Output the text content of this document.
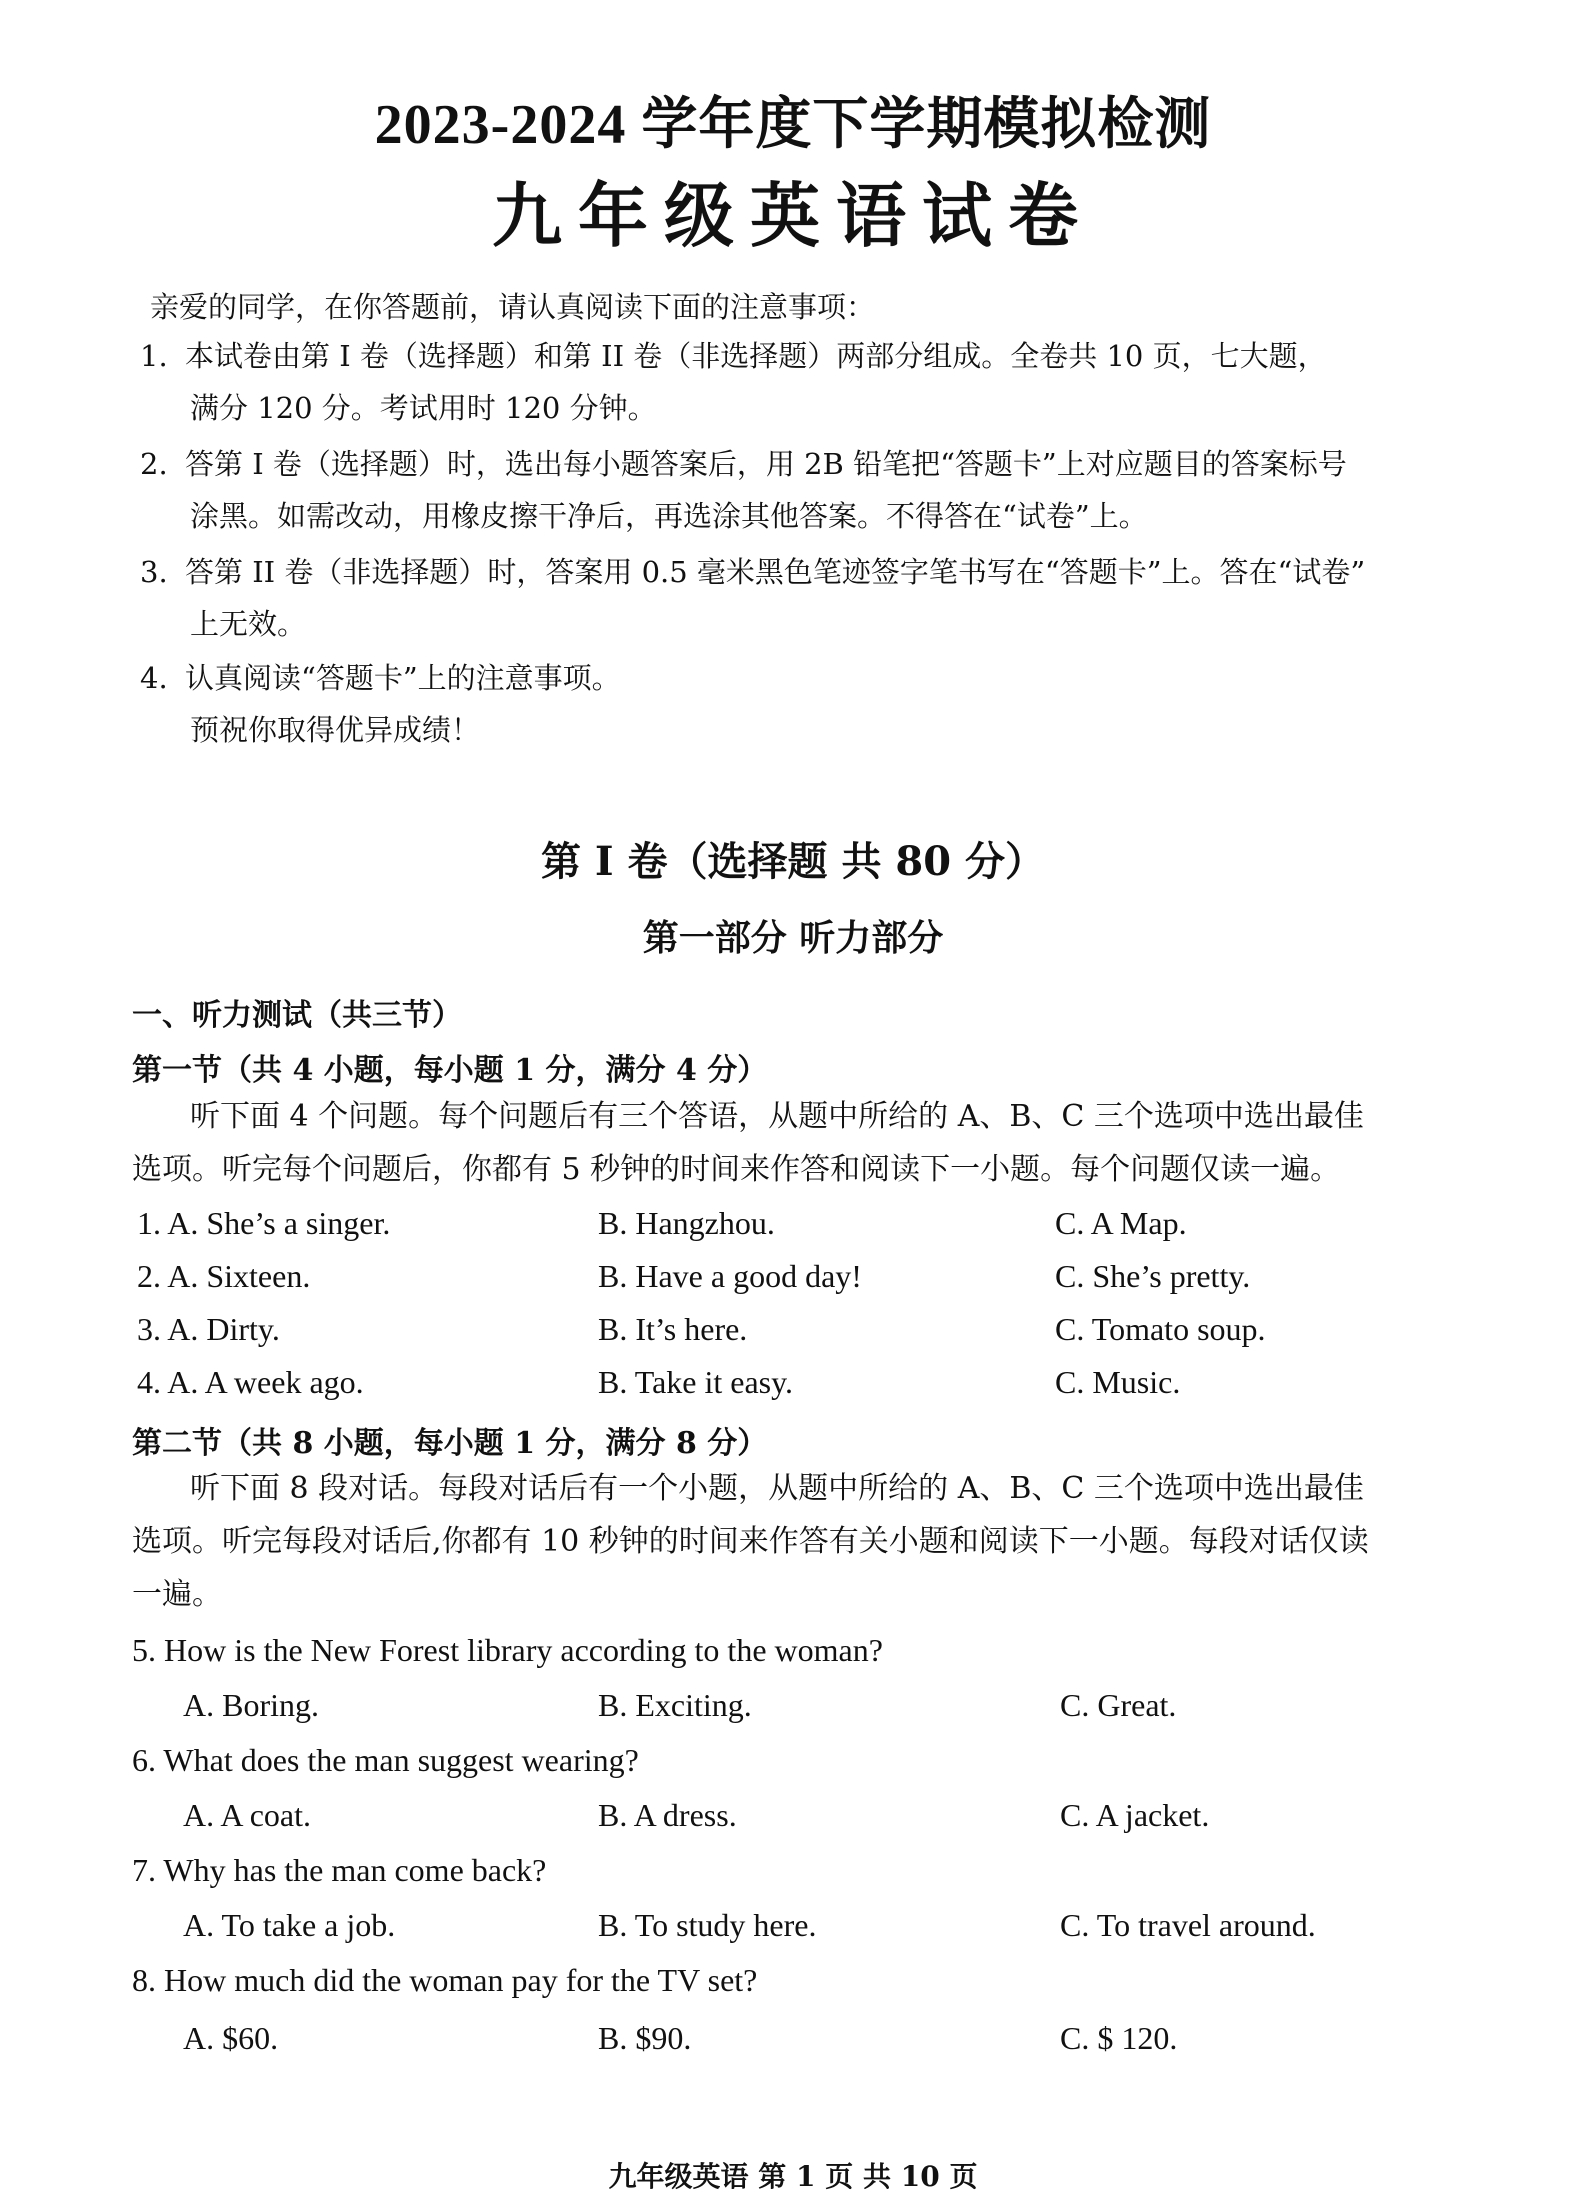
2023-2024 学年度下学期模拟检测
九年级英语试卷
亲爱的同学，在你答题前，请认真阅读下面的注意事项：
1. 本试卷由第 I 卷（选择题）和第 II 卷（非选择题）两部分组成。全卷共 10 页，七大题，
满分 120 分。考试用时 120 分钟。
2. 答第 I 卷（选择题）时，选出每小题答案后，用 2B 铅笔把“答题卡”上对应题目的答案标号
涂黑。如需改动，用橡皮擦干净后，再选涂其他答案。不得答在“试卷”上。
3. 答第 II 卷（非选择题）时，答案用 0.5 毫米黑色笔迹签字笔书写在“答题卡”上。答在“试卷”
上无效。
4. 认真阅读“答题卡”上的注意事项。
预祝你取得优异成绩！
第 I 卷（选择题 共 80 分）
第一部分 听力部分
一、听力测试（共三节）
第一节（共 4 小题，每小题 1 分，满分 4 分）
听下面 4 个问题。每个问题后有三个答语，从题中所给的 A、B、C 三个选项中选出最佳
选项。听完每个问题后，你都有 5 秒钟的时间来作答和阅读下一小题。每个问题仅读一遍。
1. A. She’s a singer.	B. Hangzhou.	C. A Map.
2. A. Sixteen.	B. Have a good day!	C. She’s pretty.
3. A. Dirty.	B. It’s here.	C. Tomato soup.
4. A. A week ago.	B. Take it easy.	C. Music.
第二节（共 8 小题，每小题 1 分，满分 8 分）
听下面 8 段对话。每段对话后有一个小题，从题中所给的 A、B、C 三个选项中选出最佳
选项。听完每段对话后,你都有 10 秒钟的时间来作答有关小题和阅读下一小题。每段对话仅读
一遍。
5. How is the New Forest library according to the woman?
A. Boring.	B. Exciting.	C. Great.
6. What does the man suggest wearing?
A. A coat.	B. A dress.	C. A jacket.
7. Why has the man come back?
A. To take a job.	B. To study here.	C. To travel around.
8. How much did the woman pay for the TV set?
A. $60.	B. $90.	C. $ 120.
九年级英语 第 1 页 共 10 页
